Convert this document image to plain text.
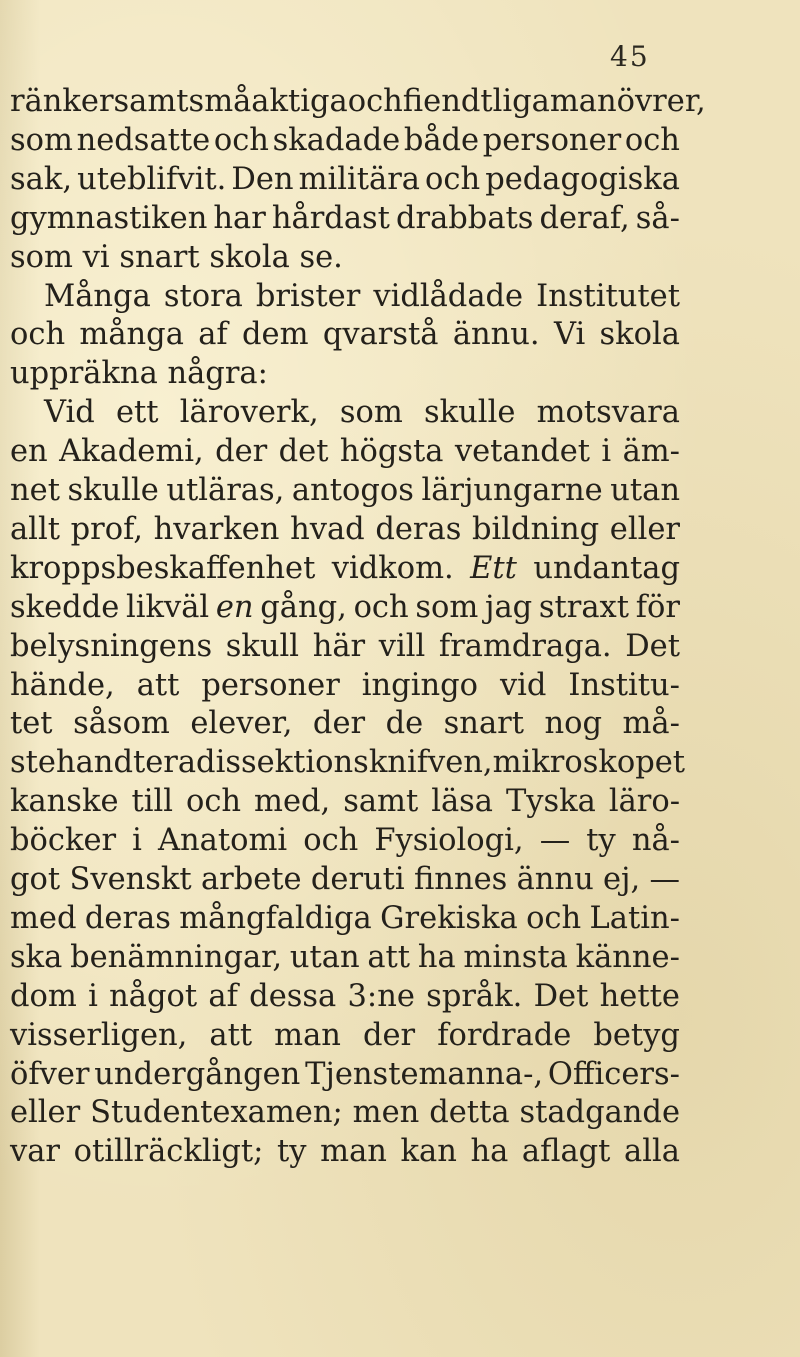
45
ränker samt småaktiga och fiendtliga manövrer,
som nedsatte och skadade både personer och
sak, uteblifvit. Den militära och pedagogiska
gymnastiken har hårdast drabbats deraf, så-
som vi snart skola se.
Många stora brister vidlådade Institutet
och många af dem qvarstå ännu. Vi skola
uppräkna några:
Vid ett läroverk, som skulle motsvara
en Akademi, der det högsta vetandet i äm-
net skulle utläras, antogos lärjungarne utan
allt prof, hvarken hvad deras bildning eller
kroppsbeskaffenhet vidkom. Ett undantag
skedde likväl en gång, och som jag straxt för
belysningens skull här vill framdraga. Det
hände, att personer ingingo vid Institu-
tet såsom elever, der de snart nog må-
ste handtera dissektionsknifven, mikroskopet
kanske till och med, samt läsa Tyska läro-
böcker i Anatomi och Fysiologi, — ty nå-
got Svenskt arbete deruti finnes ännu ej, —
med deras mångfaldiga Grekiska och Latin-
ska benämningar, utan att ha minsta känne-
dom i något af dessa 3:ne språk. Det hette
visserligen, att man der fordrade betyg
öfver undergången Tjenstemanna-, Officers-
eller Studentexamen; men detta stadgande
var otillräckligt; ty man kan ha aflagt alla
